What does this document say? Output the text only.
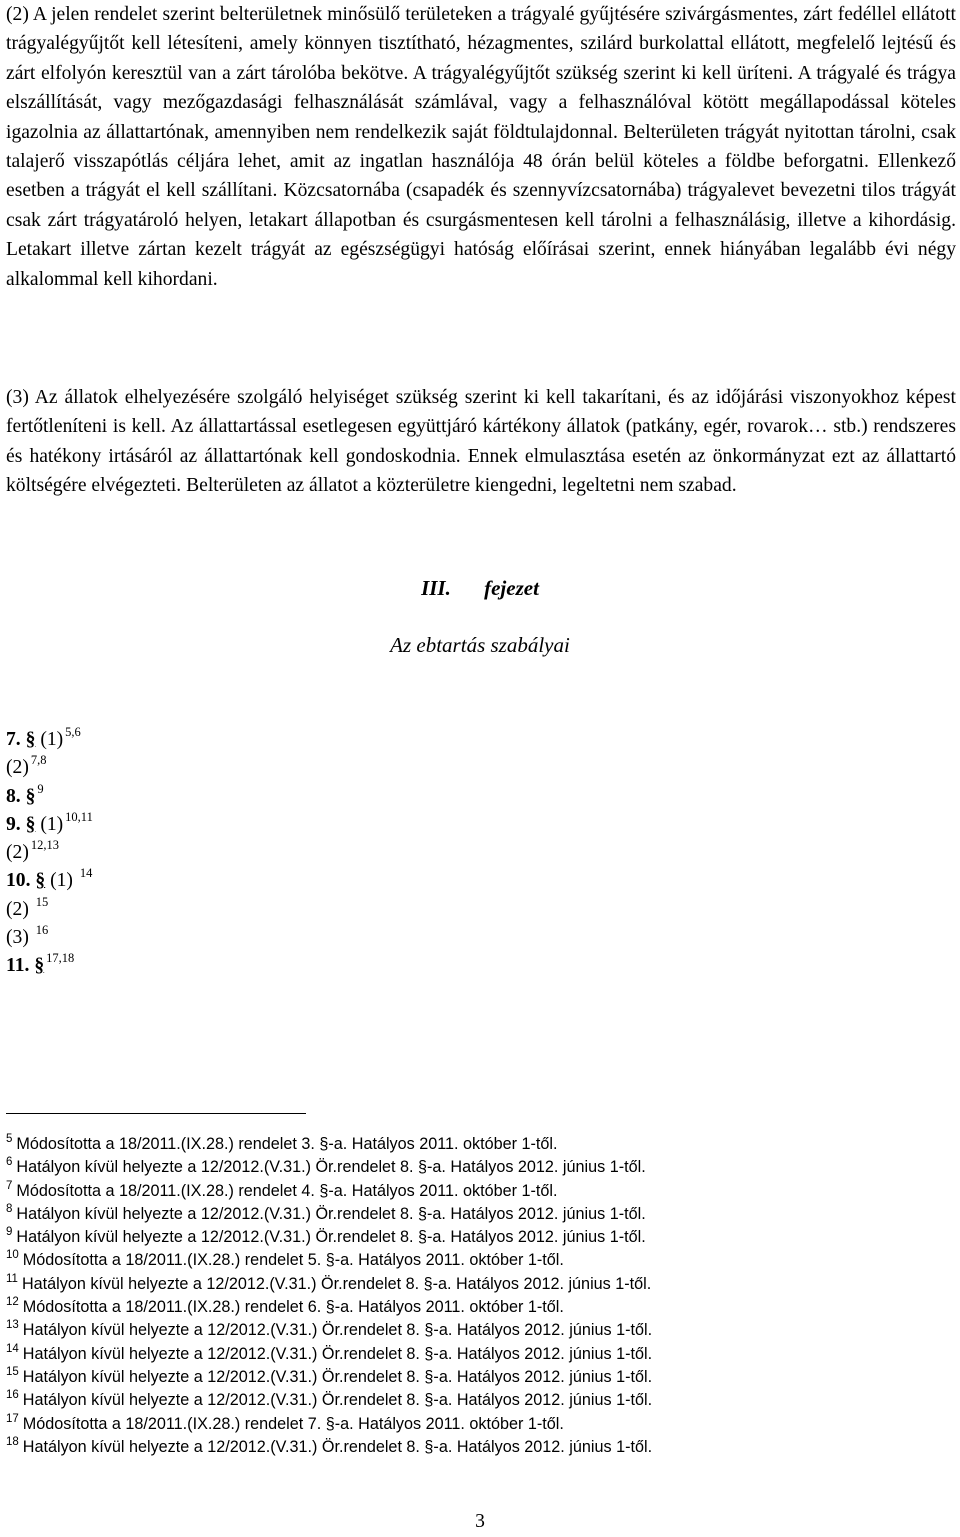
(2) A jelen rendelet szerint belterületnek minősülő területeken a trágyalé gyűjtésére szivárgásmentes, zárt fedéllel ellátott trágyalégyűjtőt kell létesíteni, amely könnyen tisztítható, hézagmentes, szilárd burkolattal ellátott, megfelelő lejtésű és zárt elfolyón keresztül van a zárt tárolóba bekötve. A trágyalégyűjtőt szükség szerint ki kell üríteni. A trágyalé és trágya elszállítását, vagy mezőgazdasági felhasználását számlával, vagy a felhasználóval kötött megállapodással köteles igazolnia az állattartónak, amennyiben nem rendelkezik saját földtulajdonnal. Belterületen trágyát nyitottan tárolni, csak talajerő visszapótlás céljára lehet, amit az ingatlan használója 48 órán belül köteles a földbe beforgatni. Ellenkező esetben a trágyát el kell szállítani. Közcsatornába (csapadék és szennyvízcsatornába) trágyalevet bevezetni tilos trágyát csak zárt trágyatároló helyen, letakart állapotban és csurgásmentesen kell tárolni a felhasználásig, illetve a kihordásig. Letakart illetve zártan kezelt trágyát az egészségügyi hatóság előírásai szerint, ennek hiányában legalább évi négy alkalommal kell kihordani.

(3) Az állatok elhelyezésére szolgáló helyiséget szükség szerint ki kell takarítani, és az időjárási viszonyokhoz képest fertőtleníteni is kell. Az állattartással esetlegesen együttjáró kártékony állatok (patkány, egér, rovarok… stb.) rendszeres és hatékony irtásáról az állattartónak kell gondoskodnia. Ennek elmulasztása esetén az önkormányzat ezt az állattartó költségére elvégezteti. Belterületen az állatot a közterületre kiengedni, legeltetni nem szabad.

III. fejezet
Az ebtartás szabályai
7. § (1) $^{5,6}$
(2) $^{7,8}$
8. § $^9$
9. § (1) $^{10,11}$
(2) $^{12,13}$
10. § (1) $^{14}$
(2) $^{15}$
(3) $^{16}$
11. § $^{17,18}$
$^5$ Módosította a 18/2011.(IX.28.) rendelet 3. §-a. Hatályos 2011. október 1-től.
$^6$ Hatályon kívül helyezte a 12/2012.(V.31.) Ör.rendelet 8. §-a. Hatályos 2012. június 1-től.
$^7$ Módosította a 18/2011.(IX.28.) rendelet 4. §-a. Hatályos 2011. október 1-től.
$^8$ Hatályon kívül helyezte a 12/2012.(V.31.) Ör.rendelet 8. §-a. Hatályos 2012. június 1-től.
$^9$ Hatályon kívül helyezte a 12/2012.(V.31.) Ör.rendelet 8. §-a. Hatályos 2012. június 1-től.
$^{10}$ Módosította a 18/2011.(IX.28.) rendelet 5. §-a. Hatályos 2011. október 1-től.
$^{11}$ Hatályon kívül helyezte a 12/2012.(V.31.) Ör.rendelet 8. §-a. Hatályos 2012. június 1-től.
$^{12}$ Módosította a 18/2011.(IX.28.) rendelet 6. §-a. Hatályos 2011. október 1-től.
$^{13}$ Hatályon kívül helyezte a 12/2012.(V.31.) Ör.rendelet 8. §-a. Hatályos 2012. június 1-től.
$^{14}$ Hatályon kívül helyezte a 12/2012.(V.31.) Ör.rendelet 8. §-a. Hatályos 2012. június 1-től.
$^{15}$ Hatályon kívül helyezte a 12/2012.(V.31.) Ör.rendelet 8. §-a. Hatályos 2012. június 1-től.
$^{16}$ Hatályon kívül helyezte a 12/2012.(V.31.) Ör.rendelet 8. §-a. Hatályos 2012. június 1-től.
$^{17}$ Módosította a 18/2011.(IX.28.) rendelet 7. §-a. Hatályos 2011. október 1-től.
$^{18}$ Hatályon kívül helyezte a 12/2012.(V.31.) Ör.rendelet 8. §-a. Hatályos 2012. június 1-től.
3
